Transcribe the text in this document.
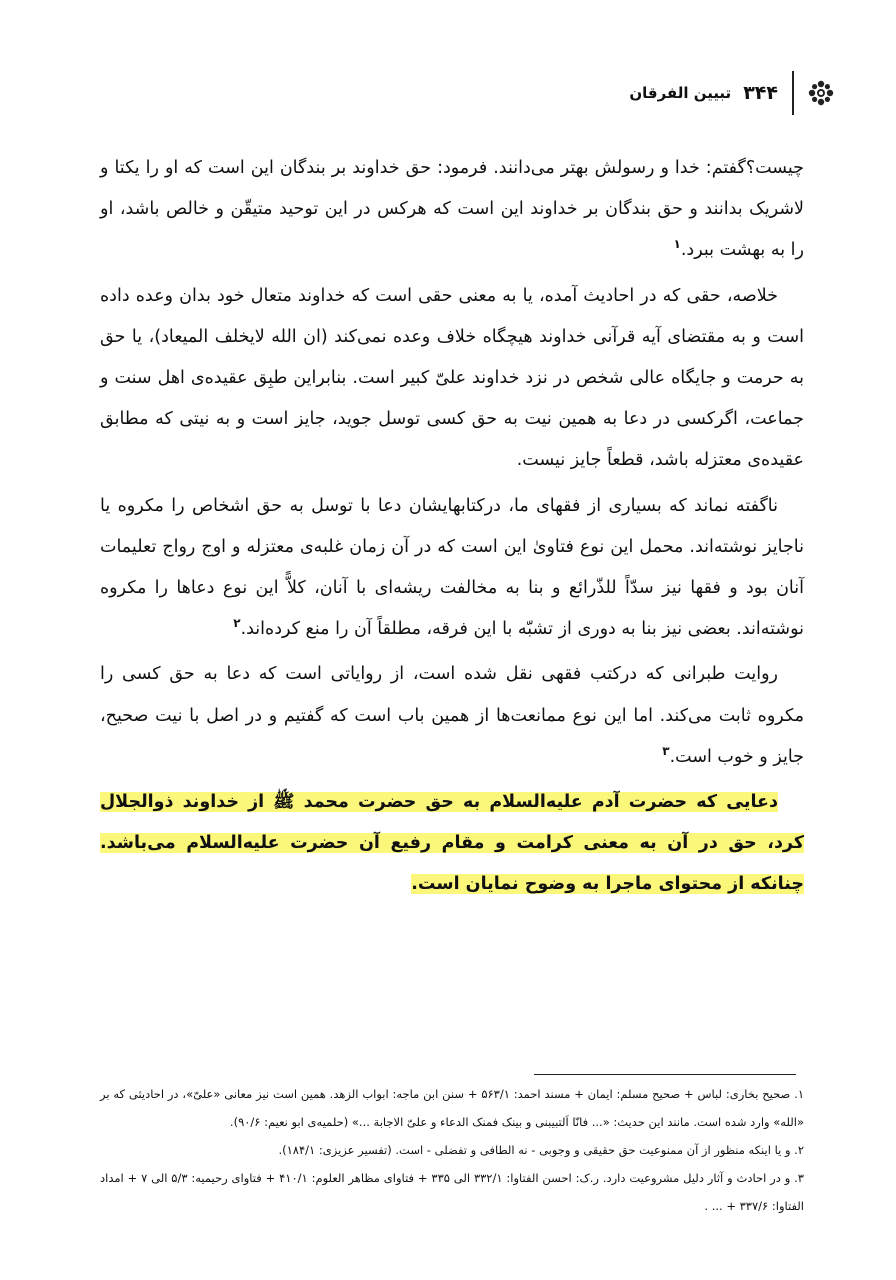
۳۴۴
تبیین الفرقان

چیست؟گفتم: خدا و رسولش بهتر می‌دانند. فرمود: حق خداوند بر بندگان این است که او را یکتا و لاشریک بدانند و حق بندگان بر خداوند این است که هرکس در این توحید متیقّن و خالص باشد، او را به بهشت ببرد.$^۱$

خلاصه، حقی که در احادیث آمده، یا به معنی حقی است که خداوند متعال خود بدان وعده داده است و به مقتضای آیه قرآنی خداوند هیچگاه خلاف وعده نمی‌کند (ان الله لایخلف المیعاد)، یا حق به حرمت و جایگاه عالی شخص در نزد خداوند علیّ کبیر است. بنابراین طبِق عقیده‌ی اهل سنت و جماعت، اگرکسی در دعا به همین نیت به حق کسی توسل جوید، جایز است و به نیتی که مطابق عقیده‌ی معتزله باشد، قطعاً جایز نیست.

ناگفته نماند که بسیاری از فقهای ما، درکتابهایشان دعا با توسل به حق اشخاص را مکروه یا ناجایز نوشته‌اند. محمل این نوع فتاویٰ این است که در آن زمان غلبه‌ی معتزله و اوج رواج تعلیمات آنان بود و فقها نیز سدّاً للذّرائع و بنا به مخالفت ریشه‌ای با آنان، کلاًّ این نوع دعاها را مکروه نوشته‌اند. بعضی نیز بنا به دوری از تشبّه با این فرقه، مطلقاً آن را منع کرده‌اند.$^۲$

روایت طبرانی که درکتب فقهی نقل شده است، از روایاتی است که دعا به حق کسی را مکروه ثابت می‌کند. اما این نوع ممانعت‌ها از همین باب است که گفتیم و در اصل با نیت صحیح، جایز و خوب است.$^۳$

دعایی که حضرت آدم علیه‌السلام به حق حضرت محمد ﷺ از خداوند ذوالجلال کرد، حق در آن به معنی کرامت و مقام رفیع آن حضرت علیه‌السلام می‌باشد. چنانکه از محتوای ماجرا به وضوح نمایان است.

۱. صحیح بخاری: لباس + صحیح مسلم: ایمان + مسند احمد: ۵۶۳/۱ + سنن ابن ماجه: ابواب الزهد. همین است نیز معانی «علیّ»، در احادیثی که بر «الله» وارد شده است. مانند این حدیث: «... فانّا اَلتبیبنی و بینک فمنک الدعاء و علیّ الاجابة ...» (حلمیه‌ی ابو نعیم: ۹۰/۶).
۲. و یا اینکه منظور از آن ممنوعیت حق حقیقی و وجوبی - نه الطافی و تفضلی - است. (تفسیر عزیزی: ۱۸۴/۱).
۳. و در احادث و آثار دلیل مشروعیت دارد. ر.ک: احسن الفتاوا: ۳۳۲/۱ الی ۳۳۵ + فتاوای مظاهر العلوم: ۴۱۰/۱ + فتاوای رحیمیه: ۵/۳ الی ۷ + امداد الفتاوا: ۳۳۷/۶ + ... .
